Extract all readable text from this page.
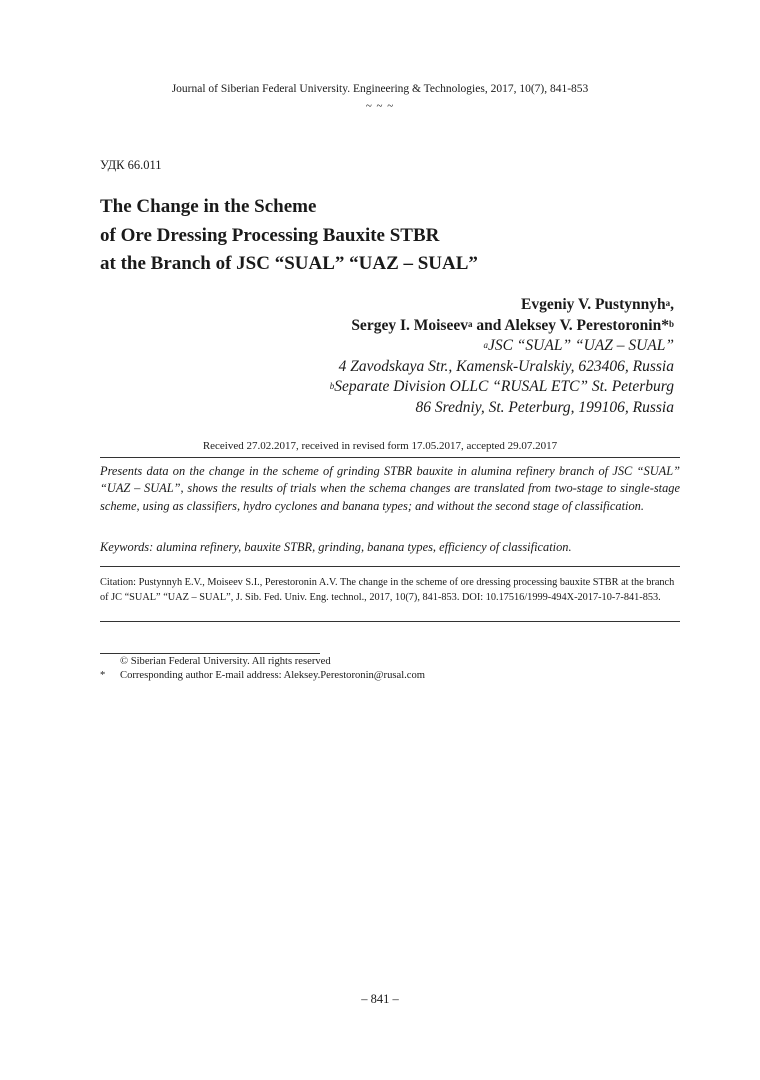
Journal of Siberian Federal University. Engineering & Technologies, 2017, 10(7), 841-853
~ ~ ~
УДК 66.011
The Change in the Scheme
of Ore Dressing Processing Bauxite STBR
at the Branch of JSC “SUAL” “UAZ – SUAL”
Evgeniy V. Pustynnyh$^a$,
Sergey I. Moiseev$^a$ and Aleksey V. Perestoronin*$^b$
$^a$JSC “SUAL” “UAZ – SUAL”
4 Zavodskaya Str., Kamensk-Uralskiy, 623406, Russia
$^b$Separate Division OLLC “RUSAL ETC” St. Peterburg
86 Sredniy, St. Peterburg, 199106, Russia
Received 27.02.2017, received in revised form 17.05.2017, accepted 29.07.2017
Presents data on the change in the scheme of grinding STBR bauxite in alumina refinery branch of JSC “SUAL” “UAZ – SUAL”, shows the results of trials when the schema changes are translated from two-stage to single-stage scheme, using as classifiers, hydro cyclones and banana types; and without the second stage of classification.
Keywords: alumina refinery, bauxite STBR, grinding, banana types, efficiency of classification.
Citation: Pustynnyh E.V., Moiseev S.I., Perestoronin A.V. The change in the scheme of ore dressing processing bauxite STBR at the branch of JC “SUAL” “UAZ – SUAL”, J. Sib. Fed. Univ. Eng. technol., 2017, 10(7), 841-853. DOI: 10.17516/1999-494X-2017-10-7-841-853.
© Siberian Federal University. All rights reserved
* Corresponding author E-mail address: Aleksey.Perestoronin@rusal.com
– 841 –
